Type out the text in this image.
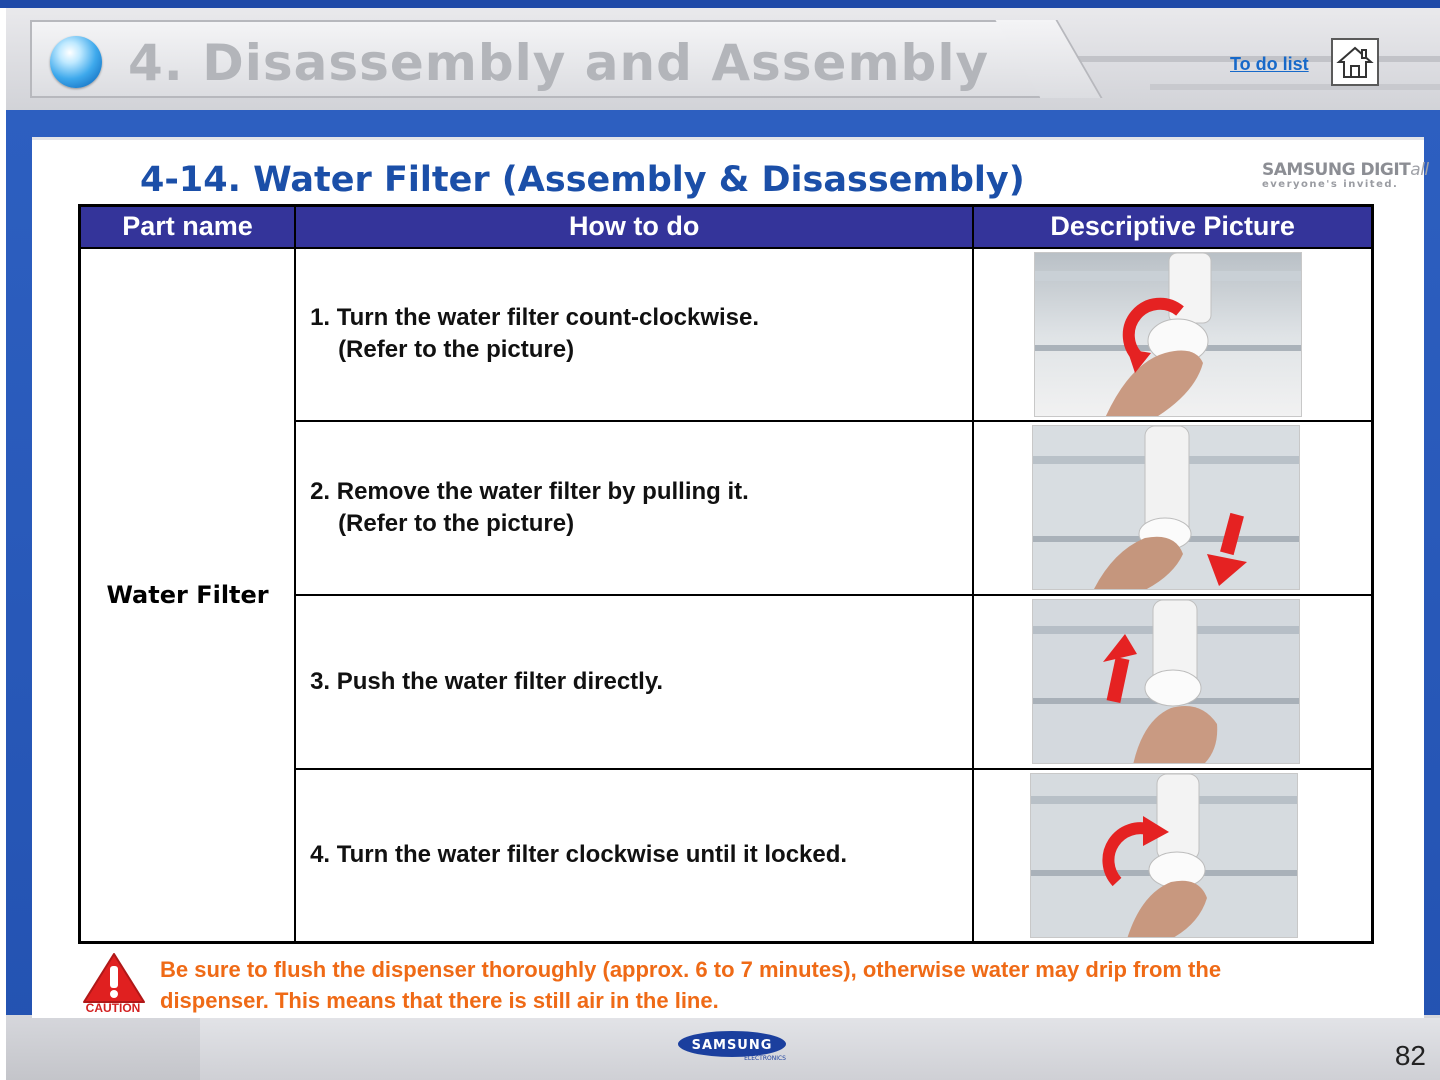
4. Disassembly and Assembly	To do list
SAMSUNG DIGITall
everyone's invited.
4-14. Water Filter (Assembly & Disassembly)
Part name	How to do	Descriptive Picture
Water Filter	1. Turn the water filter count-clockwise.
(Refer to the picture)

	2. Remove the water filter by pulling it.
(Refer to the picture)

	3. Push the water filter directly.	

	4. Turn the water filter clockwise until it locked.	
CAUTION
Be sure to flush the dispenser thoroughly (approx. 6 to 7 minutes), otherwise water may drip from the dispenser. This means that there is still air in the line.
SAMSUNG
ELECTRONICS	82
